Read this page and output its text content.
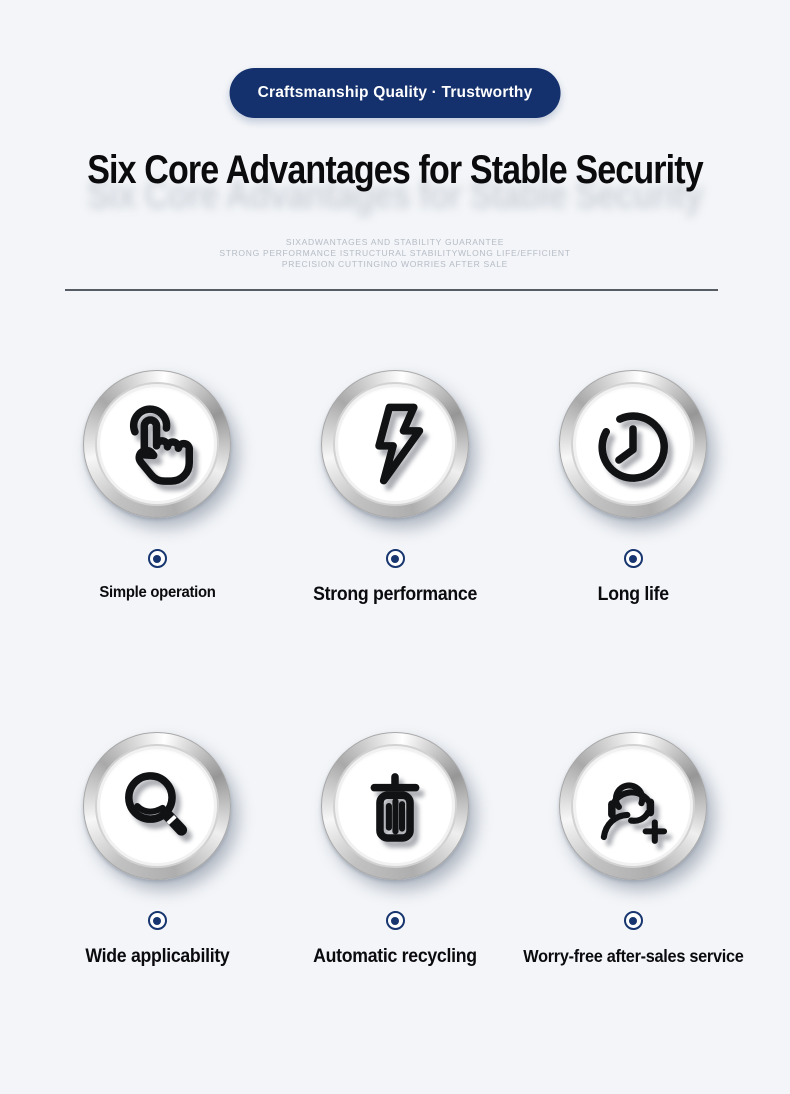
Craftsmanship Quality · Trustworthy
Six Core Advantages for Stable Security
SIXADWANTAGES AND STABILITY GUARANTEE
STRONG PERFORMANCE ISTRUCTURAL STABILITYWLONG LIFE/EFFICIENT
PRECISION CUTTINGINO WORRIES AFTER SALE
Simple operation	Strong performance	Long life
Wide applicability	Automatic recycling	Worry-free after-sales service
